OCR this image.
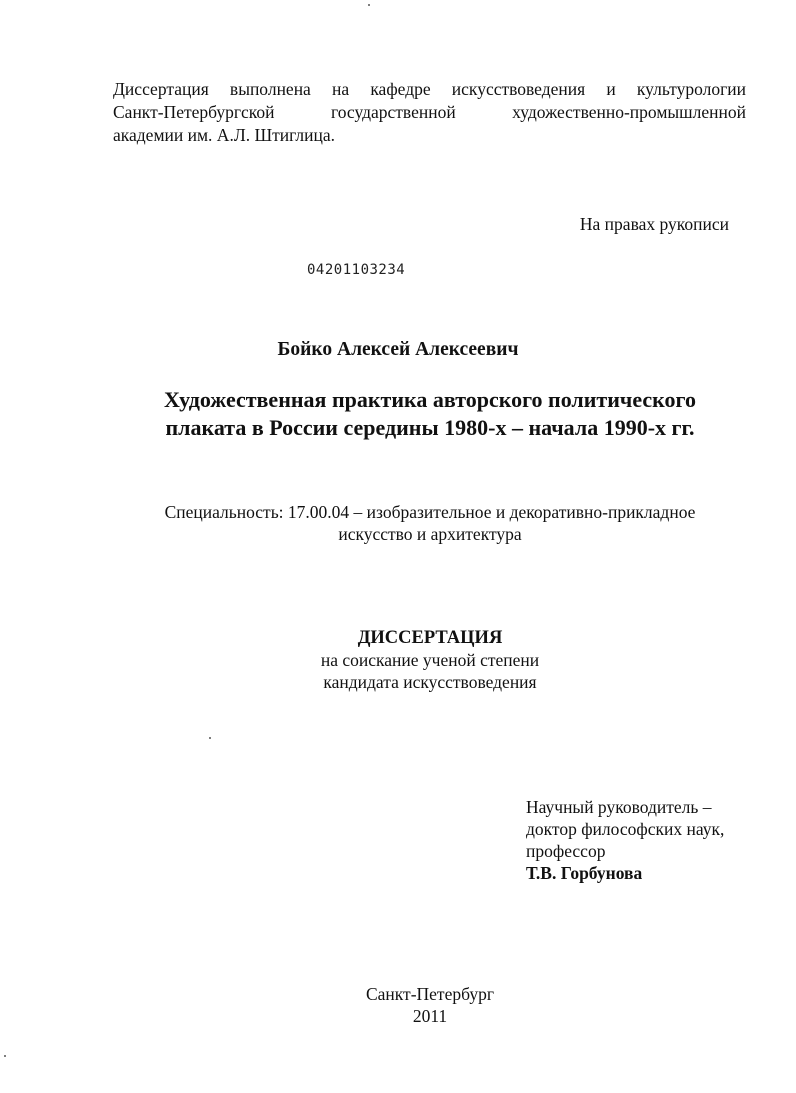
Диссертация выполнена на кафедре искусствоведения и культурологии
Санкт-Петербургской государственной художественно-промышленной
академии им. А.Л. Штиглица.
На правах рукописи
04201103234
Бойко Алексей Алексеевич
Художественная практика авторского политического
плаката в России середины 1980-х – начала 1990-х гг.
Специальность: 17.00.04 – изобразительное и декоративно-прикладное
искусство и архитектура
ДИССЕРТАЦИЯ
на соискание ученой степени
кандидата искусствоведения
Научный руководитель –
доктор философских наук,
профессор
Т.В. Горбунова
Санкт-Петербург
2011
